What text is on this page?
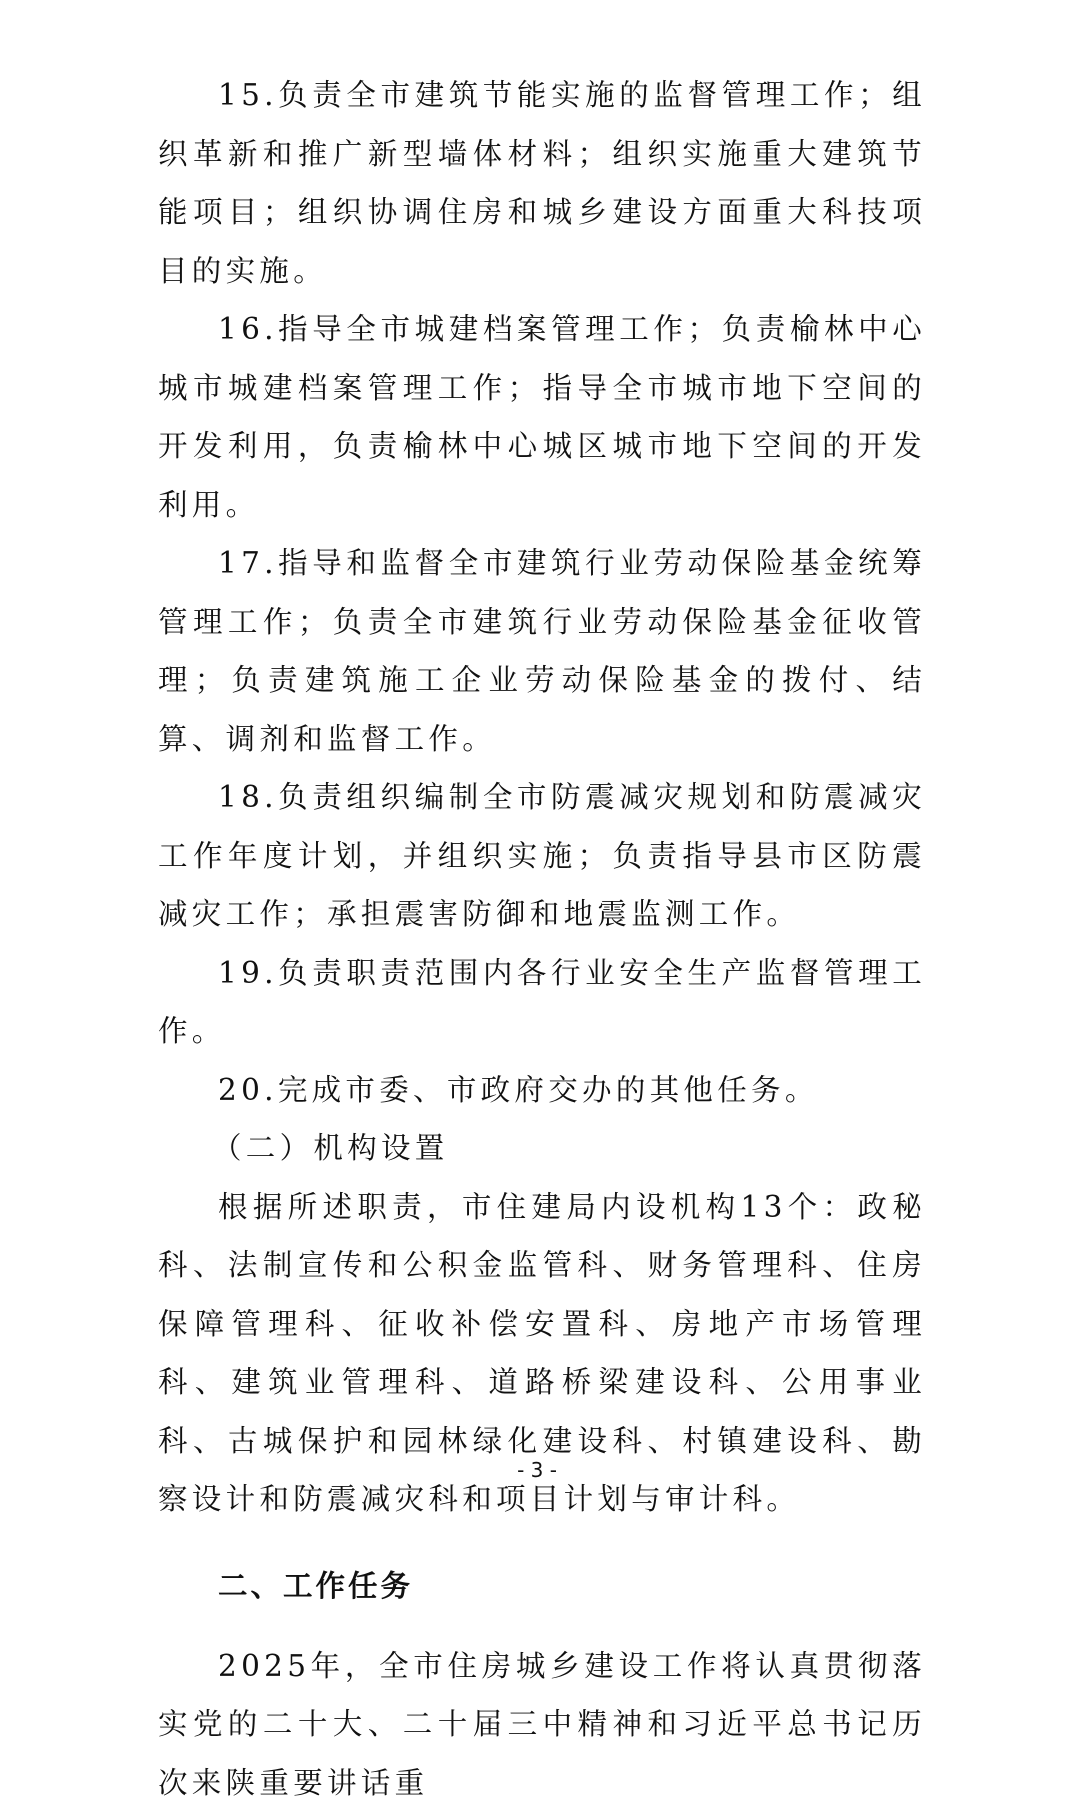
15.负责全市建筑节能实施的监督管理工作；组织革新和推广新型墙体材料；组织实施重大建筑节能项目；组织协调住房和城乡建设方面重大科技项目的实施。

16.指导全市城建档案管理工作；负责榆林中心城市城建档案管理工作；指导全市城市地下空间的开发利用，负责榆林中心城区城市地下空间的开发利用。

17.指导和监督全市建筑行业劳动保险基金统筹管理工作；负责全市建筑行业劳动保险基金征收管理；负责建筑施工企业劳动保险基金的拨付、结算、调剂和监督工作。

18.负责组织编制全市防震减灾规划和防震减灾工作年度计划，并组织实施；负责指导县市区防震减灾工作；承担震害防御和地震监测工作。

19.负责职责范围内各行业安全生产监督管理工作。

20.完成市委、市政府交办的其他任务。

（二）机构设置

根据所述职责，市住建局内设机构13个：政秘科、法制宣传和公积金监管科、财务管理科、住房保障管理科、征收补偿安置科、房地产市场管理科、建筑业管理科、道路桥梁建设科、公用事业科、古城保护和园林绿化建设科、村镇建设科、勘察设计和防震减灾科和项目计划与审计科。

二、工作任务

2025年，全市住房城乡建设工作将认真贯彻落实党的二十大、二十届三中精神和习近平总书记历次来陕重要讲话重

- 3 -
